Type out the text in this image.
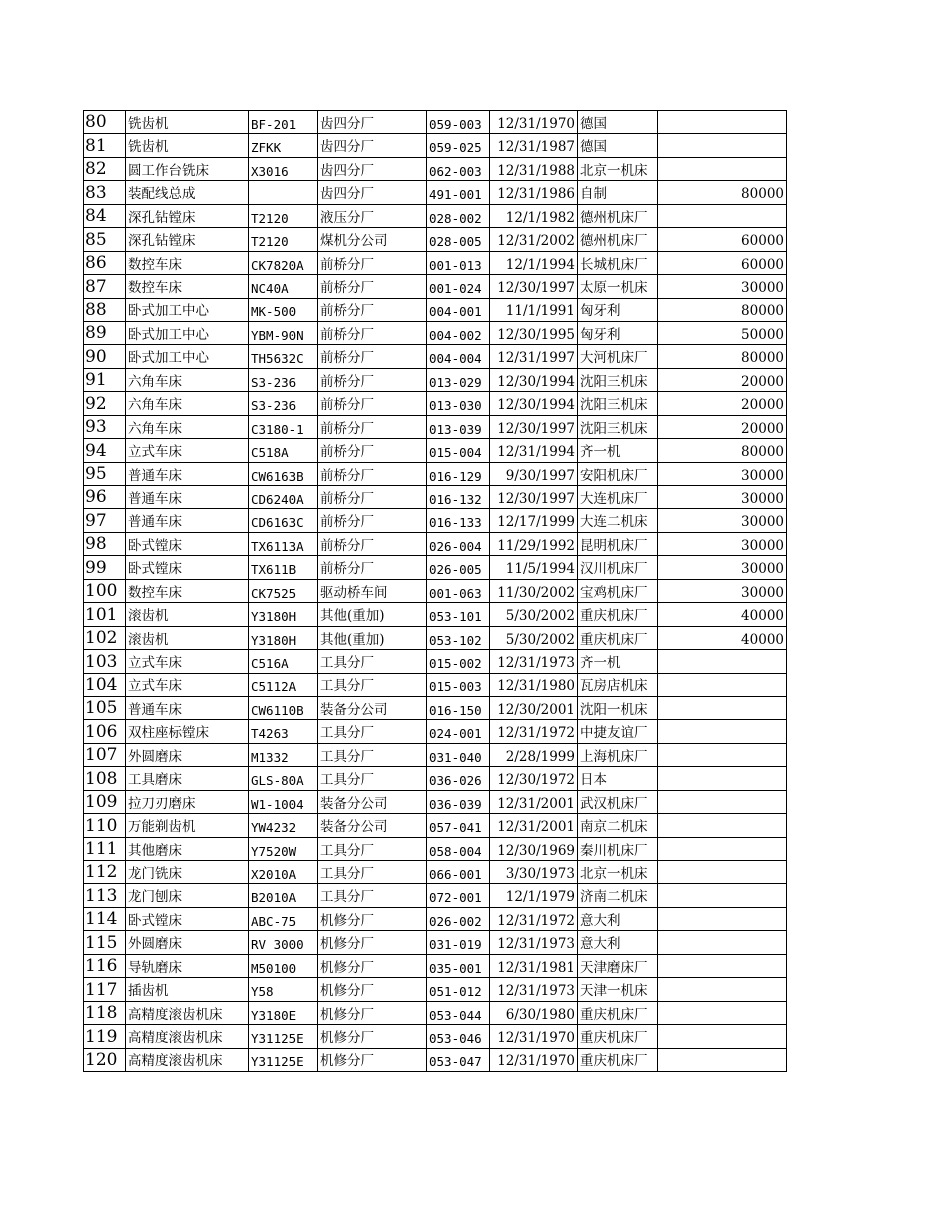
80	铣齿机	BF-201	齿四分厂	059-003	12/31/1970	德国	
81	铣齿机	ZFKK	齿四分厂	059-025	12/31/1987	德国	
82	圆工作台铣床	X3016	齿四分厂	062-003	12/31/1988	北京一机床	
83	装配线总成		齿四分厂	491-001	12/31/1986	自制	80000
84	深孔钻镗床	T2120	液压分厂	028-002	12/1/1982	德州机床厂	
85	深孔钻镗床	T2120	煤机分公司	028-005	12/31/2002	德州机床厂	60000
86	数控车床	CK7820A	前桥分厂	001-013	12/1/1994	长城机床厂	60000
87	数控车床	NC40A	前桥分厂	001-024	12/30/1997	太原一机床	30000
88	卧式加工中心	MK-500	前桥分厂	004-001	11/1/1991	匈牙利	80000
89	卧式加工中心	YBM-90N	前桥分厂	004-002	12/30/1995	匈牙利	50000
90	卧式加工中心	TH5632C	前桥分厂	004-004	12/31/1997	大河机床厂	80000
91	六角车床	S3-236	前桥分厂	013-029	12/30/1994	沈阳三机床	20000
92	六角车床	S3-236	前桥分厂	013-030	12/30/1994	沈阳三机床	20000
93	六角车床	C3180-1	前桥分厂	013-039	12/30/1997	沈阳三机床	20000
94	立式车床	C518A	前桥分厂	015-004	12/31/1994	齐一机	80000
95	普通车床	CW6163B	前桥分厂	016-129	9/30/1997	安阳机床厂	30000
96	普通车床	CD6240A	前桥分厂	016-132	12/30/1997	大连机床厂	30000
97	普通车床	CD6163C	前桥分厂	016-133	12/17/1999	大连二机床	30000
98	卧式镗床	TX6113A	前桥分厂	026-004	11/29/1992	昆明机床厂	30000
99	卧式镗床	TX611B	前桥分厂	026-005	11/5/1994	汉川机床厂	30000
100	数控车床	CK7525	驱动桥车间	001-063	11/30/2002	宝鸡机床厂	30000
101	滚齿机	Y3180H	其他(重加)	053-101	5/30/2002	重庆机床厂	40000
102	滚齿机	Y3180H	其他(重加)	053-102	5/30/2002	重庆机床厂	40000
103	立式车床	C516A	工具分厂	015-002	12/31/1973	齐一机	
104	立式车床	C5112A	工具分厂	015-003	12/31/1980	瓦房店机床	
105	普通车床	CW6110B	装备分公司	016-150	12/30/2001	沈阳一机床	
106	双柱座标镗床	T4263	工具分厂	024-001	12/31/1972	中捷友谊厂	
107	外圆磨床	M1332	工具分厂	031-040	2/28/1999	上海机床厂	
108	工具磨床	GLS-80A	工具分厂	036-026	12/30/1972	日本	
109	拉刀刃磨床	W1-1004	装备分公司	036-039	12/31/2001	武汉机床厂	
110	万能剃齿机	YW4232	装备分公司	057-041	12/31/2001	南京二机床	
111	其他磨床	Y7520W	工具分厂	058-004	12/30/1969	秦川机床厂	
112	龙门铣床	X2010A	工具分厂	066-001	3/30/1973	北京一机床	
113	龙门刨床	B2010A	工具分厂	072-001	12/1/1979	济南二机床	
114	卧式镗床	ABC-75	机修分厂	026-002	12/31/1972	意大利	
115	外圆磨床	RV 3000	机修分厂	031-019	12/31/1973	意大利	
116	导轨磨床	M50100	机修分厂	035-001	12/31/1981	天津磨床厂	
117	插齿机	Y58	机修分厂	051-012	12/31/1973	天津一机床	
118	高精度滚齿机床	Y3180E	机修分厂	053-044	6/30/1980	重庆机床厂	
119	高精度滚齿机床	Y31125E	机修分厂	053-046	12/31/1970	重庆机床厂	
120	高精度滚齿机床	Y31125E	机修分厂	053-047	12/31/1970	重庆机床厂	
